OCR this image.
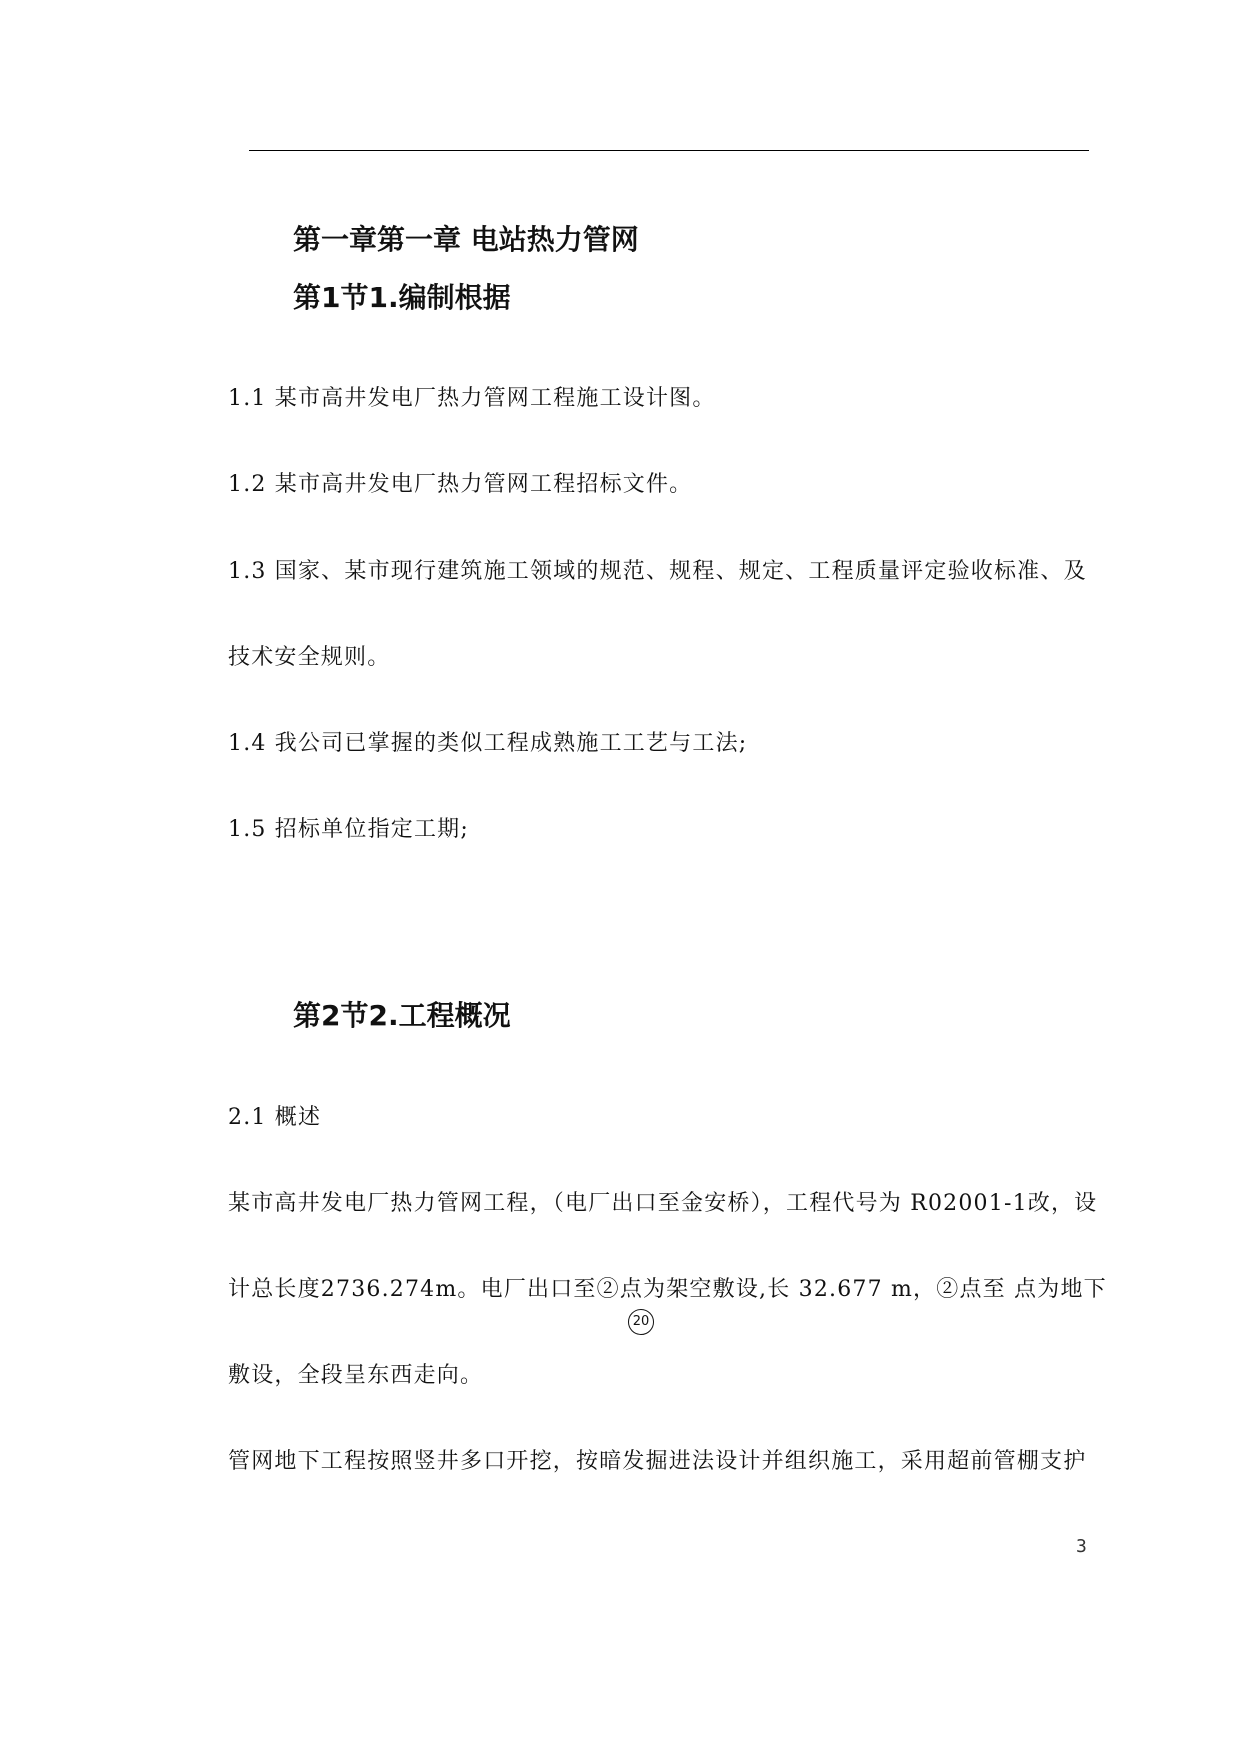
第一章第一章 电站热力管网
第1节1.编制根据

1.1 某市高井发电厂热力管网工程施工设计图。

1.2 某市高井发电厂热力管网工程招标文件。

1.3 国家、某市现行建筑施工领域的规范、规程、规定、工程质量评定验收标准、及

技术安全规则。

1.4 我公司已掌握的类似工程成熟施工工艺与工法;

1.5 招标单位指定工期;

第2节2.工程概况

2.1 概述

某市高井发电厂热力管网工程，（电厂出口至金安桥），工程代号为 R02001-1改，设

计总长度2736.274m。电厂出口至②点为架空敷设,长 32.677 m，②点至 点为地下

20

敷设，全段呈东西走向。

管网地下工程按照竖井多口开挖，按暗发掘进法设计并组织施工，采用超前管棚支护

3
